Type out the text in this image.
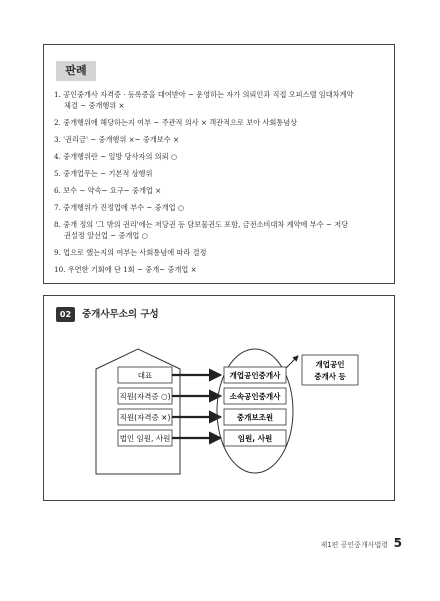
판례
1. 공인중개사 자격증 · 등록증을 대여받아 ~ 운영하는 자가 의뢰인과 직접 오피스텔 임대차계약
체결 ~ 중개행위 ×
2. 중개행위에 해당하는지 여부 ~ 주관적 의사 × 객관적으로 보아 사회통념상
3. '권리금' ~ 중개행위 ×~ 중개보수 ×
4. 중개행위란 ~ 일방 당사자의 의뢰 ○
5. 중개업무는 ~ 기본적 상행위
6. 보수 ~ 약속~ 요구~ 중개업 ×
7. 중개행위가 진정업에 부수 ~ 중개업 ○
8. 중개 정의 '그 밖의 권리'에는 저당권 등 담보물권도 포함, 금전소비대차 계약에 부수 ~ 저당
권설정 알선업 ~ 중개업 ○
9. 업으로 했는지의 여부는 사회통념에 따라 결정
10. 우연한 기회에 단 1회 ~ 중개~ 중개업 ×
02	중개사무소의 구성
대표
직원(자격증 ○)
직원(자격증 ×)
법인 임원, 사원
개업공인중개사
소속공인중개사
중개보조원
임원, 사원
개업공인
중개사 등
제1편 공인중개사법령 5
